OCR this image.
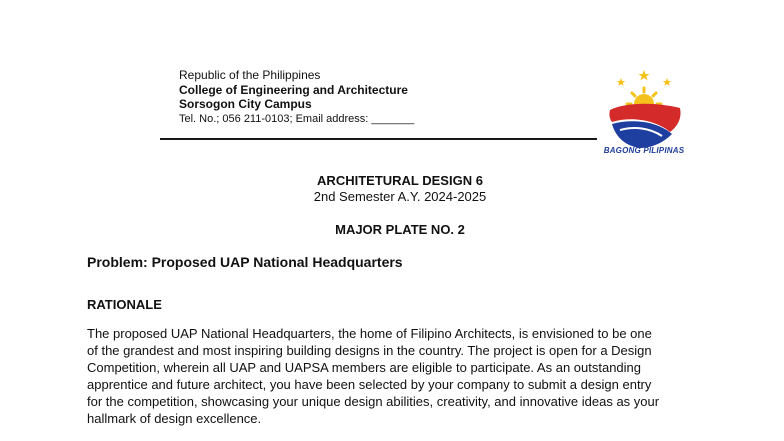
Republic of the Philippines
College of Engineering and Architecture
Sorsogon City Campus
Tel. No.; 056 211-0103; Email address: _______
BAGONG PILIPINAS
ARCHITETURAL DESIGN 6
2nd Semester A.Y. 2024-2025
MAJOR PLATE NO. 2
Problem: Proposed UAP National Headquarters
RATIONALE
The proposed UAP National Headquarters, the home of Filipino Architects, is envisioned to be one
of the grandest and most inspiring building designs in the country. The project is open for a Design
Competition, wherein all UAP and UAPSA members are eligible to participate. As an outstanding
apprentice and future architect, you have been selected by your company to submit a design entry
for the competition, showcasing your unique design abilities, creativity, and innovative ideas as your
hallmark of design excellence.
